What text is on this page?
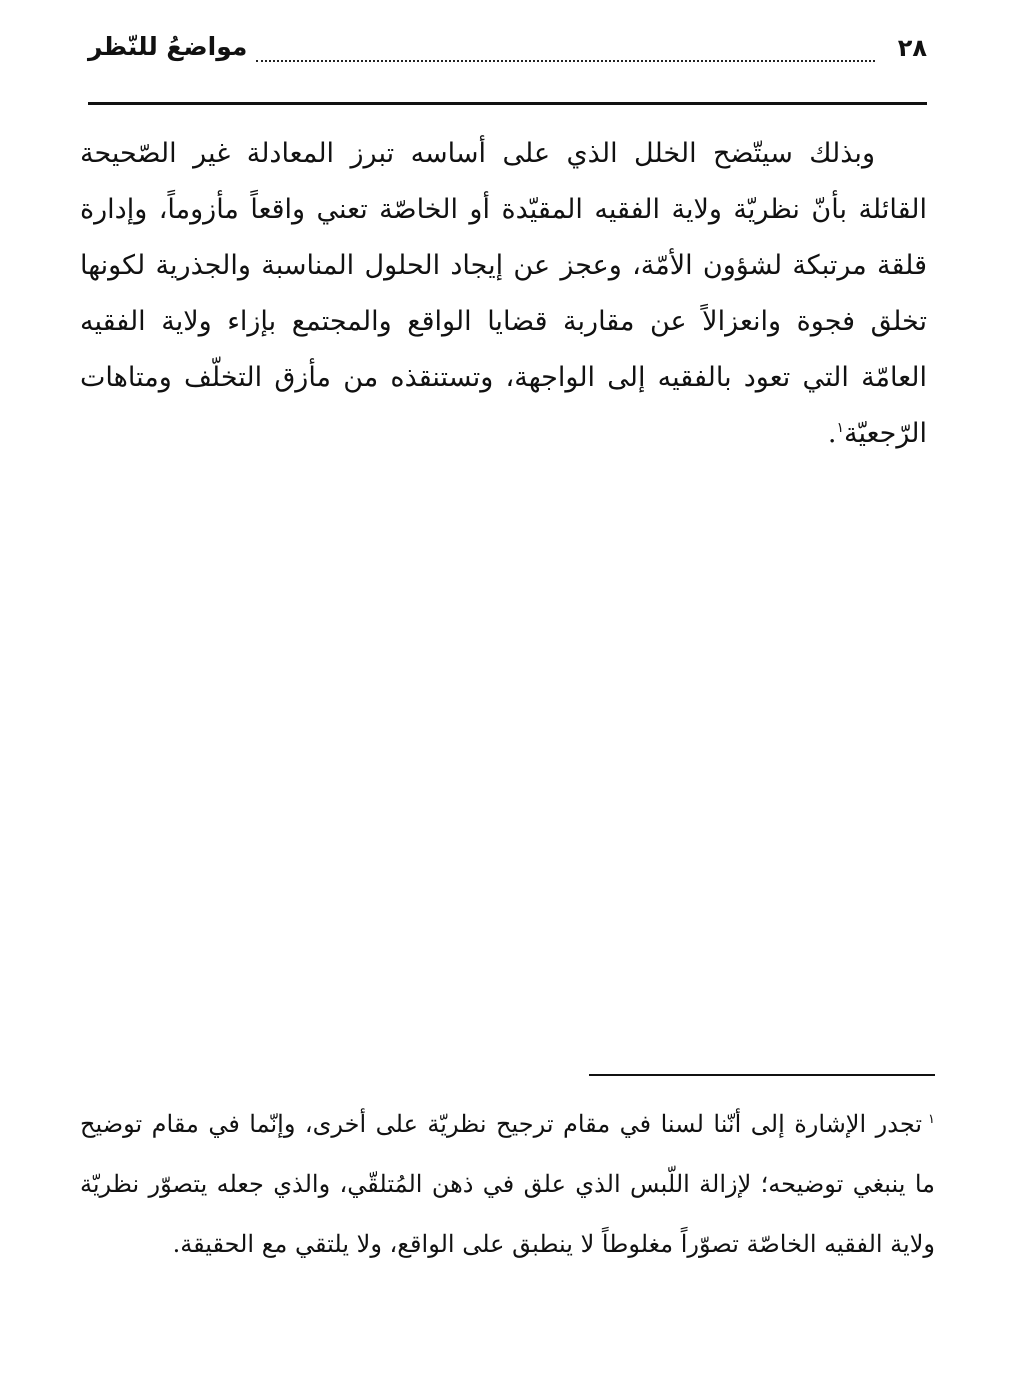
٢٨
مواضعُ للنّظر

وبذلك سيتّضح الخلل الذي على أساسه تبرز المعادلة غير الصّحيحة القائلة بأنّ نظريّة ولاية الفقيه المقيّدة أو الخاصّة تعني واقعاً مأزوماً، وإدارة قلقة مرتبكة لشؤون الأمّة، وعجز عن إيجاد الحلول المناسبة والجذرية لكونها تخلق فجوة وانعزالاً عن مقاربة قضايا الواقع والمجتمع بإزاء ولاية الفقيه العامّة التي تعود بالفقيه إلى الواجهة، وتستنقذه من مأزق التخلّف ومتاهات الرّجعيّة$^١$.

$^١$تجدر الإشارة إلى أنّنا لسنا في مقام ترجيح نظريّة على أخرى، وإنّما في مقام توضيح ما ينبغي توضيحه؛ لإزالة اللّبس الذي علق في ذهن المُتلقّي، والذي جعله يتصوّر نظريّة ولاية الفقيه الخاصّة تصوّراً مغلوطاً لا ينطبق على الواقع، ولا يلتقي مع الحقيقة.
